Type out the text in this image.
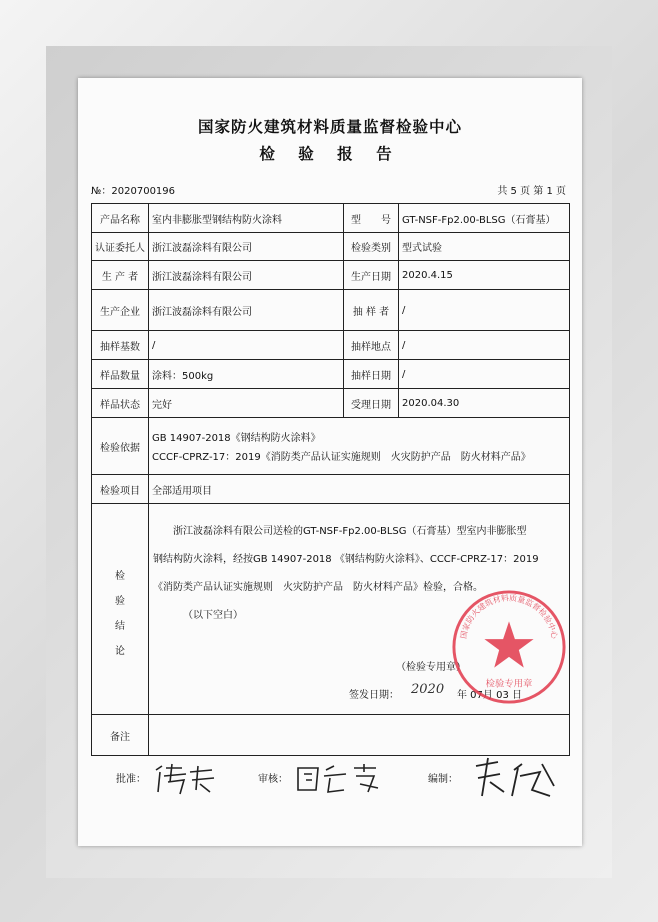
国家防火建筑材料质量监督检验中心
检 验 报 告
№：2020700196	共 5 页 第 1 页
产品名称	室内非膨胀型钢结构防火涂料	型　　号	GT-NSF-Fp2.00-BLSG（石膏基）
认证委托人 浙江波磊涂料有限公司	检验类别	型式试验
生 产 者	浙江波磊涂料有限公司	生产日期	2020.4.15
生产企业	浙江波磊涂料有限公司	抽 样 者	/
抽样基数	/	抽样地点	/
样品数量	涂料：500kg	抽样日期	/
样品状态	完好	受理日期	2020.04.30
检验依据
GB 14907-2018《钢结构防火涂料》
CCCF-CPRZ-17：2019《消防类产品认证实施规则　火灾防护产品　防火材料产品》
检验项目	全部适用项目
检
验
结
论
浙江波磊涂料有限公司送检的GT-NSF-Fp2.00-BLSG（石膏基）型室内非膨胀型
钢结构防火涂料，经按GB 14907-2018 《钢结构防火涂料》、CCCF-CPRZ-17：2019
《消防类产品认证实施规则　火灾防护产品　防火材料产品》检验，合格。
（以下空白）
（检验专用章）
签发日期： 2020 年 07月 03 日
备注
国家防火建筑材料质量监督检验中心
检验专用章
批准：	审核：	编制：
